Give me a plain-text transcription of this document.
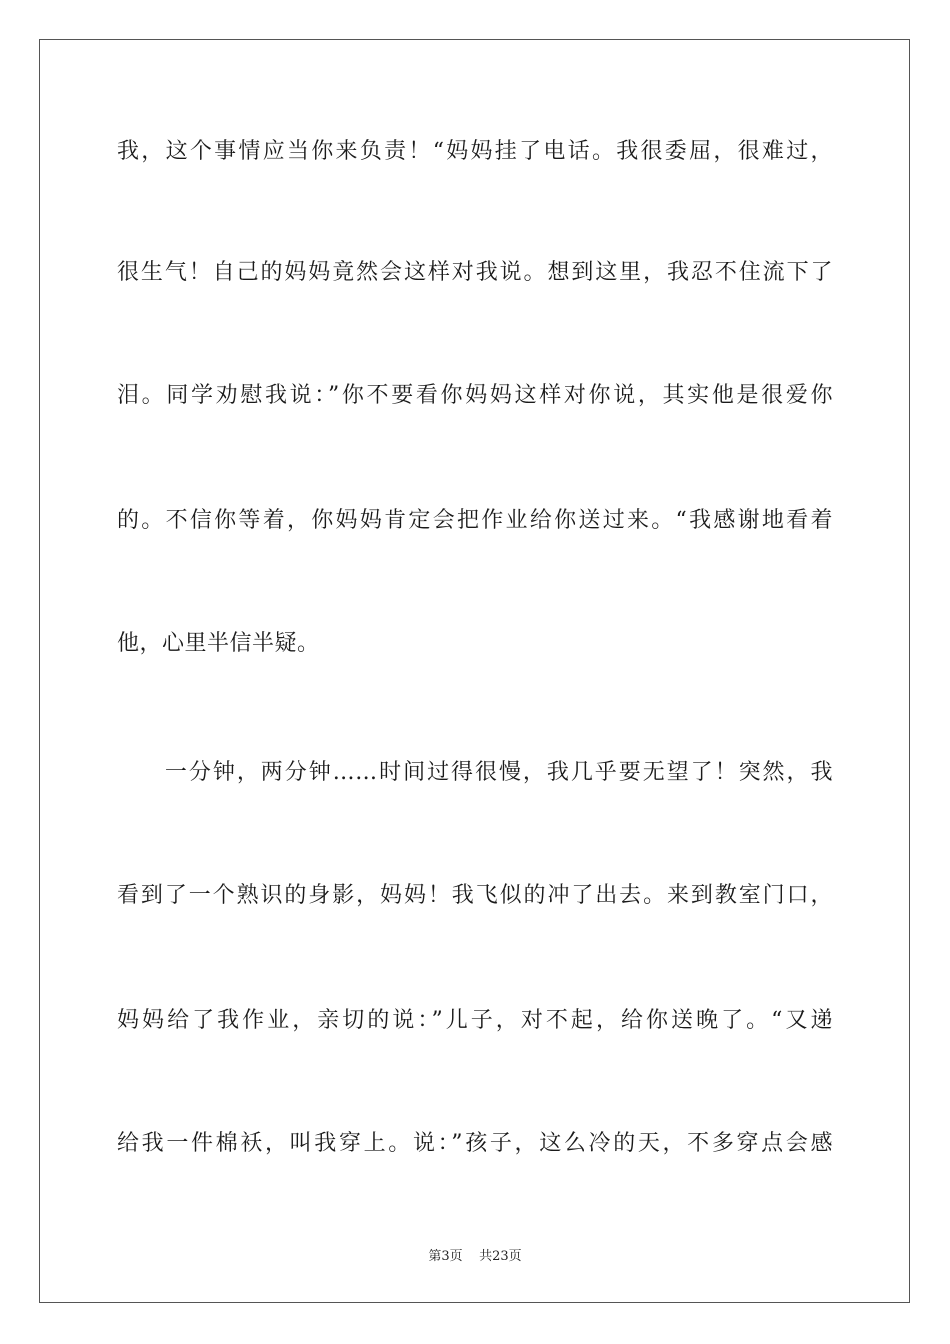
我，这个事情应当你来负责！“妈妈挂了电话。我很委屈，很难过，
很生气！自己的妈妈竟然会这样对我说。想到这里，我忍不住流下了
泪。同学劝慰我说：”你不要看你妈妈这样对你说，其实他是很爱你
的。不信你等着，你妈妈肯定会把作业给你送过来。“我感谢地看着
他，心里半信半疑。
　　一分钟，两分钟……时间过得很慢，我几乎要无望了！突然，我
看到了一个熟识的身影，妈妈！我飞似的冲了出去。来到教室门口，
妈妈给了我作业，亲切的说：”儿子，对不起，给你送晚了。“又递
给我一件棉袄，叫我穿上。说：”孩子，这么冷的天，不多穿点会感
第3页 共23页
